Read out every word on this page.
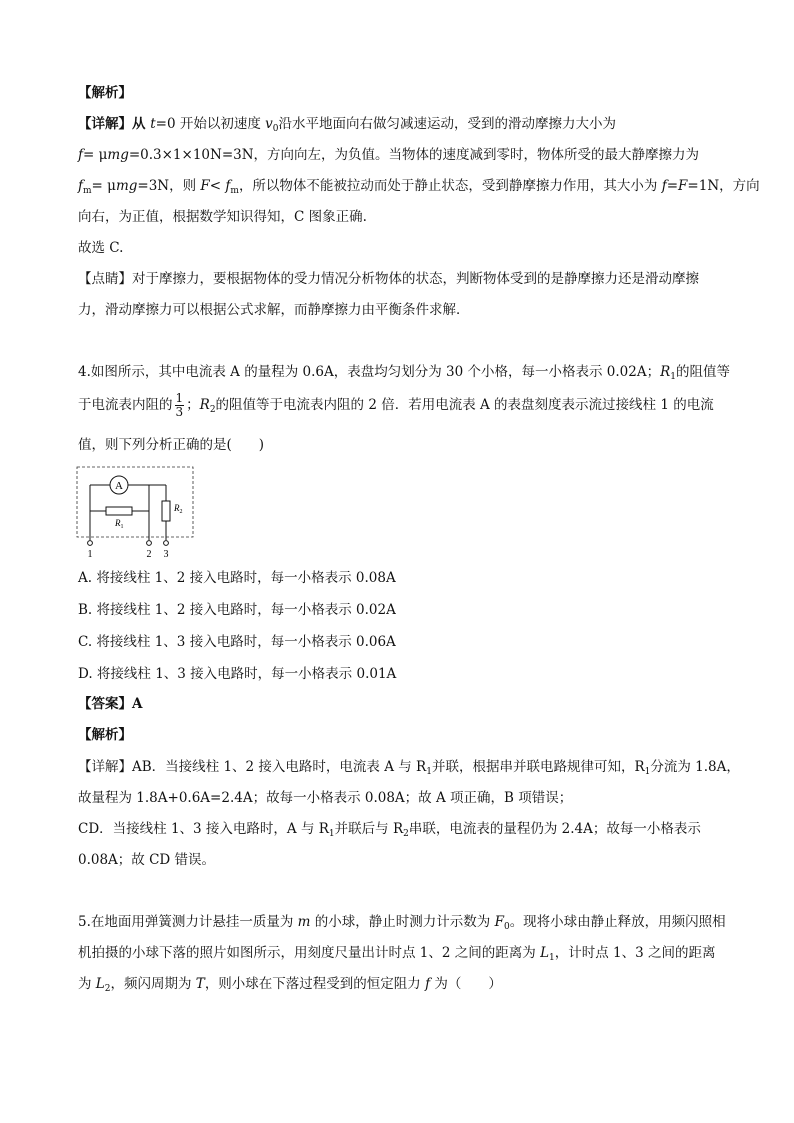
【解析】
【详解】从 t=0 开始以初速度 $v_0$沿水平地面向右做匀减速运动，受到的滑动摩擦力大小为
f= μmg=0.3×1×10N=3N，方向向左，为负值。当物体的速度减到零时，物体所受的最大静摩擦力为
$f_m= \mu mg=3N$，则 $F< f_m$，所以物体不能被拉动而处于静止状态，受到静摩擦力作用，其大小为 f=F=1N，方向
向右，为正值，根据数学知识得知，C 图象正确.
故选 C.
【点睛】对于摩擦力，要根据物体的受力情况分析物体的状态，判断物体受到的是静摩擦力还是滑动摩擦
力，滑动摩擦力可以根据公式求解，而静摩擦力由平衡条件求解．
4.如图所示，其中电流表 A 的量程为 0.6A，表盘均匀划分为 30 个小格，每一小格表示 0.02A；$R_1$的阻值等
于电流表内阻的 $\frac{1}{3}$ ；$R_2$的阻值等于电流表内阻的 2 倍．若用电流表 A 的表盘刻度表示流过接线柱 1 的电流
值，则下列分析正确的是(　　)
A
$R_1$
$R_2$
1	2 3
A. 将接线柱 1、2 接入电路时，每一小格表示 0.08A
B. 将接线柱 1、2 接入电路时，每一小格表示 0.02A
C. 将接线柱 1、3 接入电路时，每一小格表示 0.06A
D. 将接线柱 1、3 接入电路时，每一小格表示 0.01A
【答案】A
【解析】
【详解】AB．当接线柱 1、2 接入电路时，电流表 A 与 $R_1$并联，根据串并联电路规律可知，$R_1$分流为 1.8A，
故量程为 1.8A+0.6A=2.4A；故每一小格表示 0.08A；故 A 项正确，B 项错误；
CD．当接线柱 1、3 接入电路时，A 与 $R_1$并联后与 $R_2$串联，电流表的量程仍为 2.4A；故每一小格表示
0.08A；故 CD 错误。
5.在地面用弹簧测力计悬挂一质量为 m 的小球，静止时测力计示数为 $F_0$。现将小球由静止释放，用频闪照相
机拍摄的小球下落的照片如图所示，用刻度尺量出计时点 1、2 之间的距离为 $L_1$，计时点 1、3 之间的距离
为 $L_2$，频闪周期为 T，则小球在下落过程受到的恒定阻力 f 为（　　）
